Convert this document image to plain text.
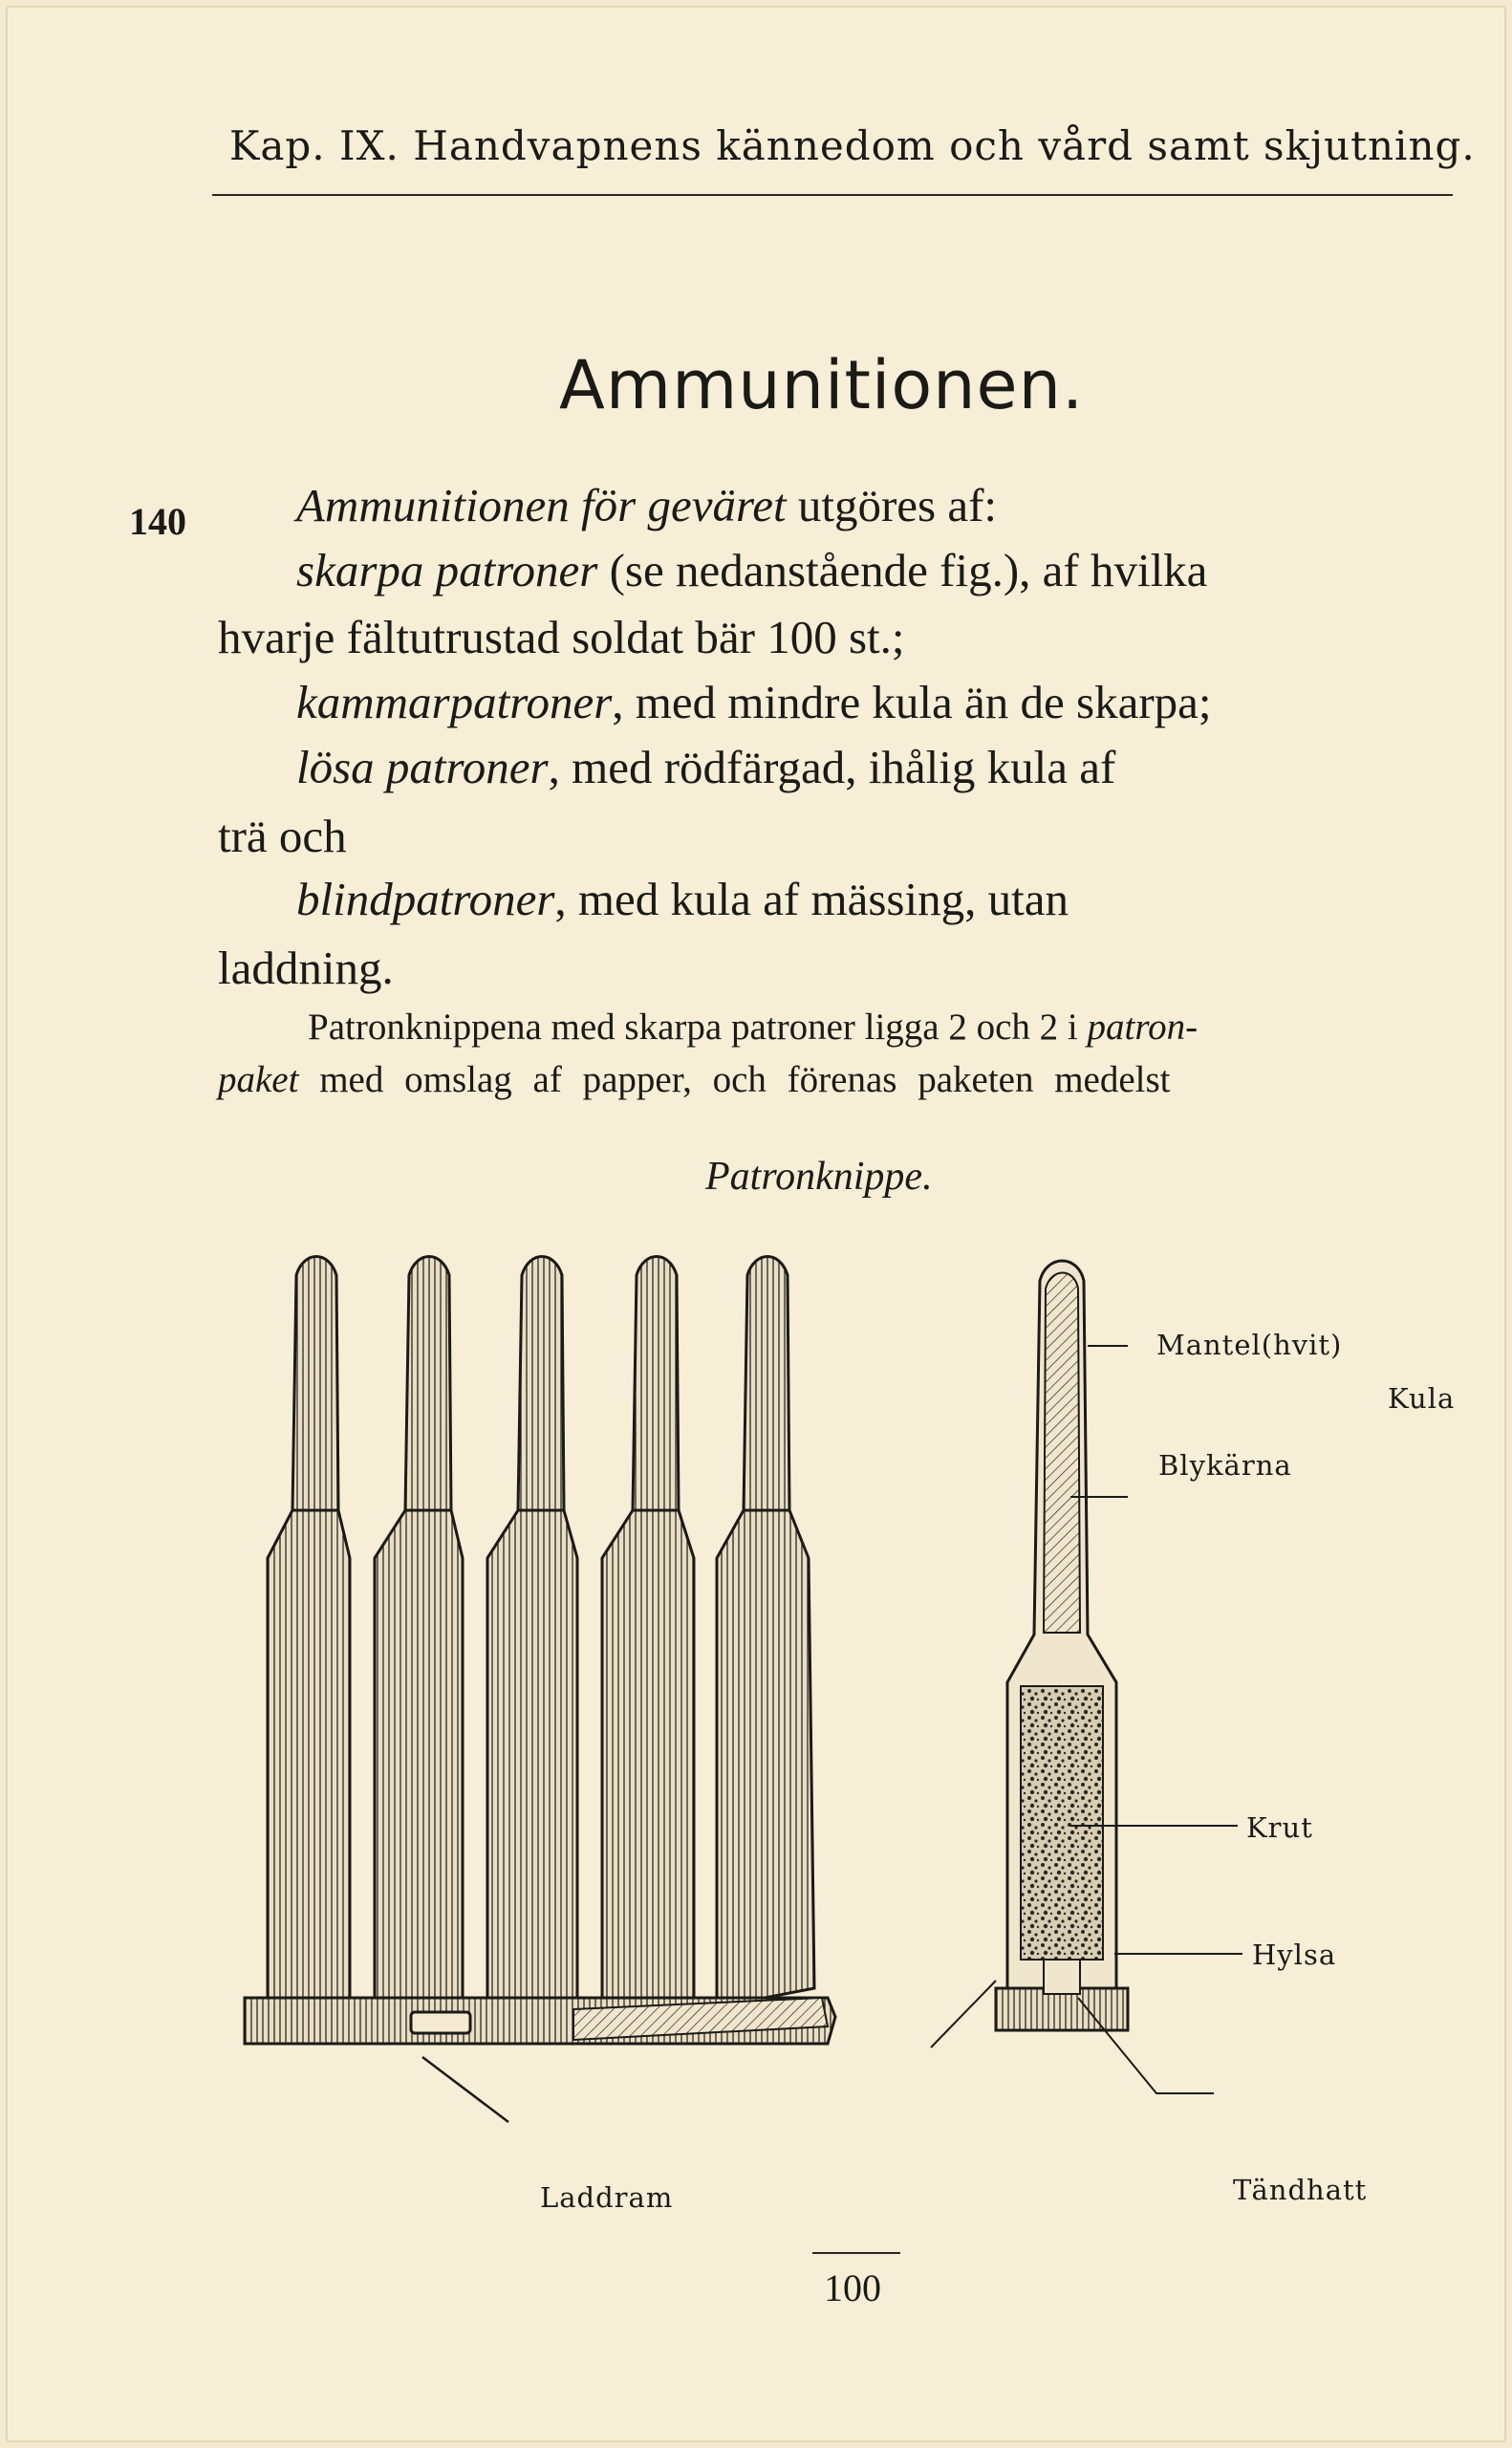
Kap. IX. Handvapnens kännedom och vård samt skjutning.
Ammunitionen.
140 Ammunitionen för geväret utgöres af:
skarpa patroner (se nedanstående fig.), af hvilka
hvarje fältutrustad soldat bär 100 st.;
kammarpatroner, med mindre kula än de skarpa;
lösa patroner, med rödfärgad, ihålig kula af
trä och
blindpatroner, med kula af mässing, utan
laddning.
Patronknippena med skarpa patroner ligga 2 och 2 i patron-
paket med omslag af papper, och förenas paketen medelst
Patronknippe.
Mantel(hvit)
Kula
Blykärna
Krut
Hylsa
Laddram	Tändhatt
100
